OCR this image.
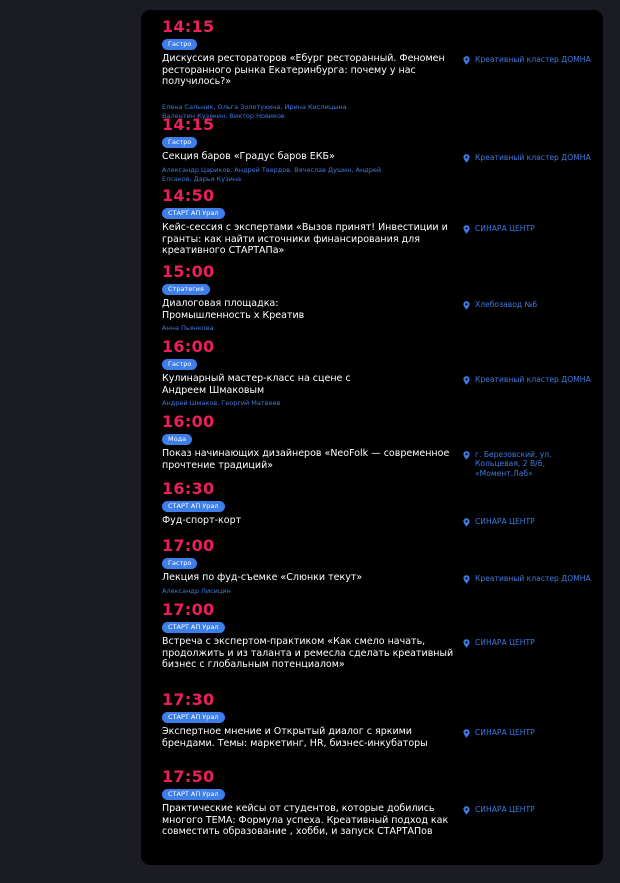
14:15
Гастро
Дискуссия рестораторов «Ебург ресторанный. Феномен ресторанного рынка Екатеринбурга: почему у нас получилось?»
Елена Сальник, Ольга Золотухина, Ирина Кислицына Валентин Кузякин, Виктор Новиков
Креативный кластер ДОМНА
14:15
Гастро
Секция баров «Градус баров ЕКБ»
Александр Цариков, Андрей Твердов, Вячеслав Душин, Андрей Елсаков, Дарья Кузина
Креативный кластер ДОМНА
14:50
СТАРТ АП Урал
Кейс-сессия с экспертами «Вызов принят! Инвестиции и гранты: как найти источники финансирования для креативного СТАРТАПа»
СИНАРА ЦЕНТР
15:00
Стратегия
Диалоговая площадка: Промышленность х Креатив
Анна Пьянкова
Хлебозавод №6
16:00
Гастро
Кулинарный мастер-класс на сцене с Андреем Шмаковым
Андрей Шмаков, Георгий Матвеев
Креативный кластер ДОМНА
16:00
Мода
Показ начинающих дизайнеров «NeoFolk — современное прочтение традиций»
г. Березовский, ул. Кольцевая, 2 В/6, «Момент.Лаб»
16:30
СТАРТ АП Урал
Фуд-спорт-корт	СИНАРА ЦЕНТР
17:00
Гастро
Лекция по фуд-съемке «Слюнки текут»
Александр Лисицин
Креативный кластер ДОМНА
17:00
СТАРТ АП Урал
Встреча с экспертом-практиком «Как смело начать, продолжить и из таланта и ремесла сделать креативный бизнес с глобальным потенциалом»
СИНАРА ЦЕНТР
17:30
СТАРТ АП Урал
Экспертное мнение и Открытый диалог с яркими брендами. Темы: маркетинг, HR, бизнес-инкубаторы
СИНАРА ЦЕНТР
17:50
СТАРТ АП Урал
Практические кейсы от студентов, которые добились многого ТЕМА: Формула успеха. Креативный подход как совместить образование , хобби, и запуск СТАРТАПов
СИНАРА ЦЕНТР
